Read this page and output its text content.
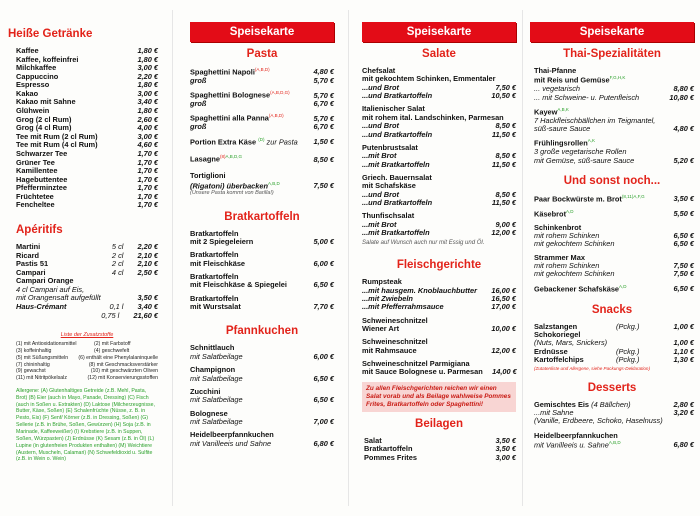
Heiße Getränke
Kaffee	1,80 €
Kaffee, koffeinfrei	1,80 €
Milchkaffee	3,00 €
Cappuccino	2,20 €
Espresso	1,80 €
Kakao	3,00 €
Kakao mit Sahne	3,40 €
Glühwein	1,80 €
Grog (2 cl Rum)	2,60 €
Grog (4 cl Rum)	4,00 €
Tee mit Rum (2 cl Rum)	3,00 €
Tee mit Rum (4 cl Rum)	4,60 €
Schwarzer Tee	1,70 €
Grüner Tee	1,70 €
Kamillentee	1,70 €
Hagebuttentee	1,70 €
Pfefferminztee	1,70 €
Früchtetee	1,70 €
Fencheltee	1,70 €
Apéritifs
Martini	5 cl 2,20 €
Ricard	2 cl 2,10 €
Pastis 51	2 cl 2,10 €
Campari	4 cl 2,50 €
Campari Orange
4 cl Campari auf Eis,
mit Orangensaft aufgefüllt	3,50 €
Haus-Crémant	0,1 l 3,40 €
0,75 l 21,60 €
Liste der Zusatzstoffe
(1) mit Antioxidationsmittel	(2) mit Farbstoff
(3) koffeinhaltig	(4) geschwefelt
(5) mit Süßungsmitteln	(6) enthält eine Phenylalaninquelle
(7) chininhaltig	(8) mit Geschmacksverstärker
(9) gewachst	(10) mit geschwärzten Oliven
(11) mit Nitritpökelsalz	(12) mit Konservierungsstoffen
Allergene: (A) Glutenhaltiges Getreide (z.B. Mehl, Pasta, Brot) (B) Eier (auch in Mayo, Panade, Dressing) (C) Fisch (auch in Soßen u. Extrakten) (D) Laktose (Milcherzeugnisse, Butter, Käse, Soßen) (E) Schalenfrüchte (Nüsse, z. B. in Pesto, Eis) (F) Senf/ Körner (z.B. in Dressing, Soßen) (G) Sellerie (z.B. in Brühe, Soßen, Gewürzen) (H) Soja (z.B. in Marinade, Kaffeeweißer) (I) Krebstiere (z.B. in Suppen, Soßen, Würzpasten) (J) Erdnüsse (K) Sesam (z.B. in Öl) (L) Lupine (in glutenfreien Produkten enthalten) (M) Weichtiere (Austern, Muscheln, Calamari) (N) Schwefeldioxid u. Sulfite (z.B. in Wein o. Wein)
Speisekarte
Pasta
Spaghettini Napoli$^{(A,B,D)}$	4,80 €
groß	5,70 €
Spaghettini Bolognese$^{(A,B,D,G)}$	5,70 €
groß	6,70 €
Spaghettini alla Panna$^{(A,B,D)}$	5,70 €
groß	6,70 €
Portion Extra Käse $^{(D)}$ zur Pasta	1,50 €
Lasagne$^{(8)A,B,D,G}$	8,50 €
Tortiglioni
(Rigatoni) überbacken$^{A,B,D}$	7,50 €
(Unsere Pasta kommt von Barilla!)
Bratkartoffeln
Bratkartoffeln
mit 2 Spiegeleiern	5,00 €
Bratkartoffeln
mit Fleischkäse	6,00 €
Bratkartoffeln
mit Fleischkäse & Spiegelei	6,50 €
Bratkartoffeln
mit Wurstsalat	7,70 €
Pfannkuchen
Schnittlauch
mit Salatbeilage	6,00 €
Champignon
mit Salatbeilage	6,50 €
Zucchini
mit Salatbeilage	6,50 €
Bolognese
mit Salatbeilage	7,00 €
Heidelbeerpfannkuchen
mit Vanilleeis und Sahne	6,80 €
Speisekarte
Salate
Chefsalat
mit gekochtem Schinken, Emmentaler
...und Brot	7,50 €
...und Bratkartoffeln	10,50 €
Italienischer Salat
mit rohem ital. Landschinken, Parmesan
...und Brot	8,50 €
...und Bratkartoffeln	11,50 €
Putenbrustsalat
...mit Brot	8,50 €
...mit Bratkartoffeln	11,50 €
Griech. Bauernsalat
mit Schafskäse
...und Brot	8,50 €
...und Bratkartoffeln	11,50 €
Thunfischsalat
...mit Brot	9,00 €
...mit Bratkartoffeln	12,00 €
Salate auf Wunsch auch nur mit Essig und Öl.
Fleischgerichte
Rumpsteak
...mit hausgem. Knoblauchbutter	16,00 €
...mit Zwiebeln	16,50 €
...mit Pfefferrahmsauce	17,00 €
Schweineschnitzel
Wiener Art	10,00 €
Schweineschnitzel
mit Rahmsauce	12,00 €
Schweineschnitzel Parmigiana
mit Sauce Bolognese u. Parmesan	14,00 €
Zu allen Fleischgerichten reichen wir einen Salat vorab und als Beilage wahlweise Pommes Frites, Bratkartoffeln oder Spaghettini!
Beilagen
Salat	3,50 €
Bratkartoffeln	3,50 €
Pommes Frites	3,00 €
Speisekarte
Thai-Spezialitäten
Thai-Pfanne
mit Reis und Gemüse$^{F,G,H,K}$
... vegetarisch	8,80 €
... mit Schweine- u. Putenfleisch	10,80 €
Kayew$^{A,B,K}$
7 Hackfleischbällchen im Teigmantel,
süß-saure Sauce	4,80 €
Frühlingsrollen$^{A,K}$
3 große vegetarische Rollen
mit Gemüse, süß-saure Sauce	5,20 €
Und sonst noch...
Paar Bockwürste m. Brot$^{(8,11)A,F,G}$	3,50 €
Käsebrot$^{A,D}$	5,50 €
Schinkenbrot
mit rohem Schinken	6,50 €
mit gekochtem Schinken	6,50 €
Strammer Max
mit rohem Schinken	7,50 €
mit gekochtem Schinken	7,50 €
Gebackener Schafskäse$^{A,D}$	6,50 €
Snacks
Salzstangen	(Pckg.)	1,00 €
Schokoriegel
(Nuts, Mars, Snickers)	1,00 €
Erdnüsse	(Pckg.)	1,10 €
Kartoffelchips	(Pckg.)	1,30 €
(Zutatenliste und Allergene, siehe Packungs-Deklaration)
Desserts
Gemischtes Eis (4 Bällchen)	2,80 €
...mit Sahne	3,20 €
(Vanille, Erdbeere, Schoko, Haselnuss)
Heidelbeerpfannkuchen
mit Vanilleeis u. Sahne$^{A,B,D}$	6,80 €
